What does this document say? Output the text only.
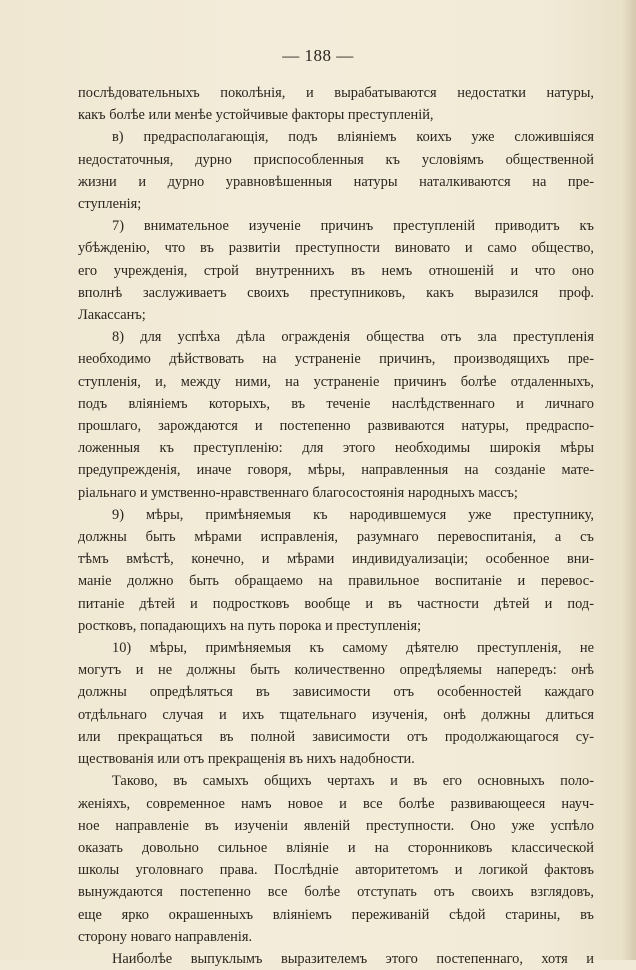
— 188 —

послѣдовательныхъ поколѣнія, и вырабатываются недостатки натуры,

какъ болѣе или менѣе устойчивые факторы преступленій,

в) предрасполагающія, подъ вліяніемъ коихъ уже сложившіяся

недостаточныя, дурно приспособленныя къ условіямъ общественной

жизни и дурно уравновѣшенныя натуры наталкиваются на пре-

ступленія;

7) внимательное изученіе причинъ преступленій приводитъ къ

убѣжденію, что въ развитіи преступности виновато и само общество,

его учрежденія, строй внутреннихъ въ немъ отношеній и что оно

вполнѣ заслуживаетъ своихъ преступниковъ, какъ выразился проф.

Лакассанъ;

8) для успѣха дѣла огражденія общества отъ зла преступленія

необходимо дѣйствовать на устраненіе причинъ, производящихъ пре-

ступленія, и, между ними, на устраненіе причинъ болѣе отдаленныхъ,

подъ вліяніемъ которыхъ, въ теченіе наслѣдственнаго и личнаго

прошлаго, зарождаются и постепенно развиваются натуры, предраспо-

ложенныя къ преступленію: для этого необходимы широкія мѣры

предупрежденія, иначе говоря, мѣры, направленныя на созданіе мате-

ріальнаго и умственно-нравственнаго благосостоянія народныхъ массъ;

9) мѣры, примѣняемыя къ народившемуся уже преступнику,

должны быть мѣрами исправленія, разумнаго перевоспитанія, а съ

тѣмъ вмѣстѣ, конечно, и мѣрами индивидуализаціи; особенное вни-

маніе должно быть обращаемо на правильное воспитаніе и перевос-

питаніе дѣтей и подростковъ вообще и въ частности дѣтей и под-

ростковъ, попадающихъ на путь порока и преступленія;

10) мѣры, примѣняемыя къ самому дѣятелю преступленія, не

могутъ и не должны быть количественно опредѣляемы напередъ: онѣ

должны опредѣляться въ зависимости отъ особенностей каждаго

отдѣльнаго случая и ихъ тщательнаго изученія, онѣ должны длиться

или прекращаться въ полной зависимости отъ продолжающагося су-

ществованія или отъ прекращенія въ нихъ надобности.

Таково, въ самыхъ общихъ чертахъ и въ его основныхъ поло-

женіяхъ, современное намъ новое и все болѣе развивающееся науч-

ное направленіе въ изученіи явленій преступности. Оно уже успѣло

оказать довольно сильное вліяніе и на сторонниковъ классической

школы уголовнаго права. Послѣдніе авторитетомъ и логикой фактовъ

вынуждаются постепенно все болѣе отступать отъ своихъ взглядовъ,

еще ярко окрашенныхъ вліяніемъ переживаній сѣдой старины, въ

сторону новаго направленія.

Наиболѣе выпуклымъ выразителемъ этого постепеннаго, хотя и
